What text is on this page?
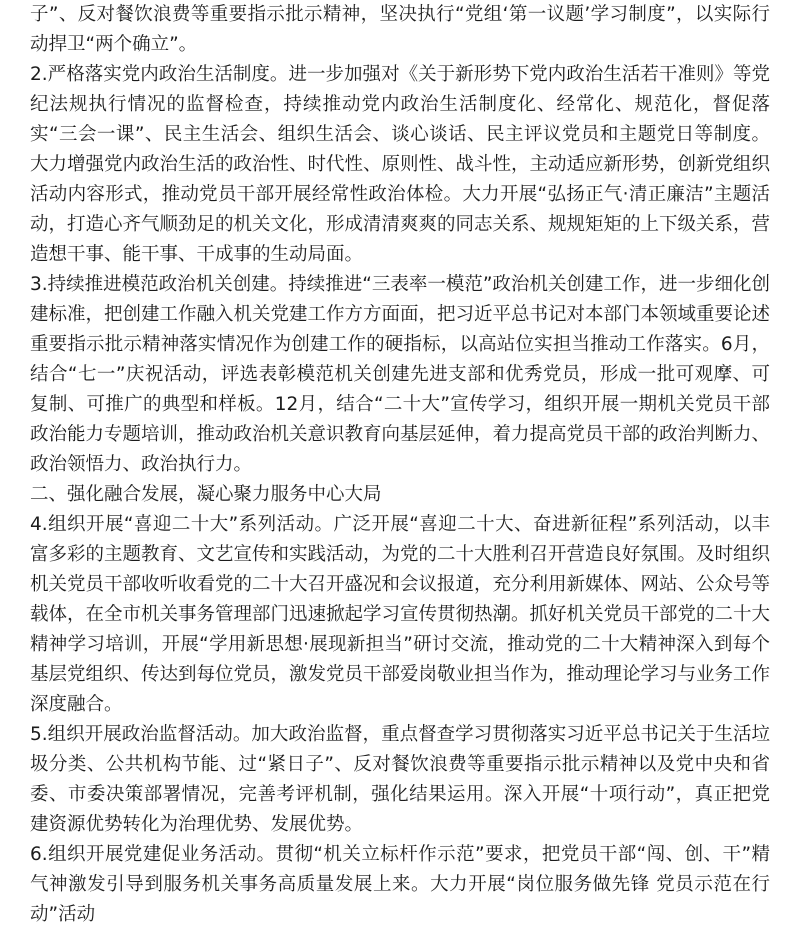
子”、反对餐饮浪费等重要指示批示精神，坚决执行“党组‘第一议题’学习制度”，以实际行动捍卫“两个确立”。

2.严格落实党内政治生活制度。进一步加强对《关于新形势下党内政治生活若干准则》等党纪法规执行情况的监督检查，持续推动党内政治生活制度化、经常化、规范化，督促落实“三会一课”、民主生活会、组织生活会、谈心谈话、民主评议党员和主题党日等制度。大力增强党内政治生活的政治性、时代性、原则性、战斗性，主动适应新形势，创新党组织活动内容形式，推动党员干部开展经常性政治体检。大力开展“弘扬正气·清正廉洁”主题活动，打造心齐气顺劲足的机关文化，形成清清爽爽的同志关系、规规矩矩的上下级关系，营造想干事、能干事、干成事的生动局面。

3.持续推进模范政治机关创建。持续推进“三表率一模范”政治机关创建工作，进一步细化创建标准，把创建工作融入机关党建工作方方面面，把习近平总书记对本部门本领域重要论述重要指示批示精神落实情况作为创建工作的硬指标，以高站位实担当推动工作落实。6月，结合“七一”庆祝活动，评选表彰模范机关创建先进支部和优秀党员，形成一批可观摩、可复制、可推广的典型和样板。12月，结合“二十大”宣传学习，组织开展一期机关党员干部政治能力专题培训，推动政治机关意识教育向基层延伸，着力提高党员干部的政治判断力、政治领悟力、政治执行力。

二、强化融合发展，凝心聚力服务中心大局

4.组织开展“喜迎二十大”系列活动。广泛开展“喜迎二十大、奋进新征程”系列活动，以丰富多彩的主题教育、文艺宣传和实践活动，为党的二十大胜利召开营造良好氛围。及时组织机关党员干部收听收看党的二十大召开盛况和会议报道，充分利用新媒体、网站、公众号等载体，在全市机关事务管理部门迅速掀起学习宣传贯彻热潮。抓好机关党员干部党的二十大精神学习培训，开展“学用新思想·展现新担当”研讨交流，推动党的二十大精神深入到每个基层党组织、传达到每位党员，激发党员干部爱岗敬业担当作为，推动理论学习与业务工作深度融合。

5.组织开展政治监督活动。加大政治监督，重点督查学习贯彻落实习近平总书记关于生活垃圾分类、公共机构节能、过“紧日子”、反对餐饮浪费等重要指示批示精神以及党中央和省委、市委决策部署情况，完善考评机制，强化结果运用。深入开展“十项行动”，真正把党建资源优势转化为治理优势、发展优势。

6.组织开展党建促业务活动。贯彻“机关立标杆作示范”要求，把党员干部“闯、创、干”精气神激发引导到服务机关事务高质量发展上来。大力开展“岗位服务做先锋 党员示范在行动”活动
